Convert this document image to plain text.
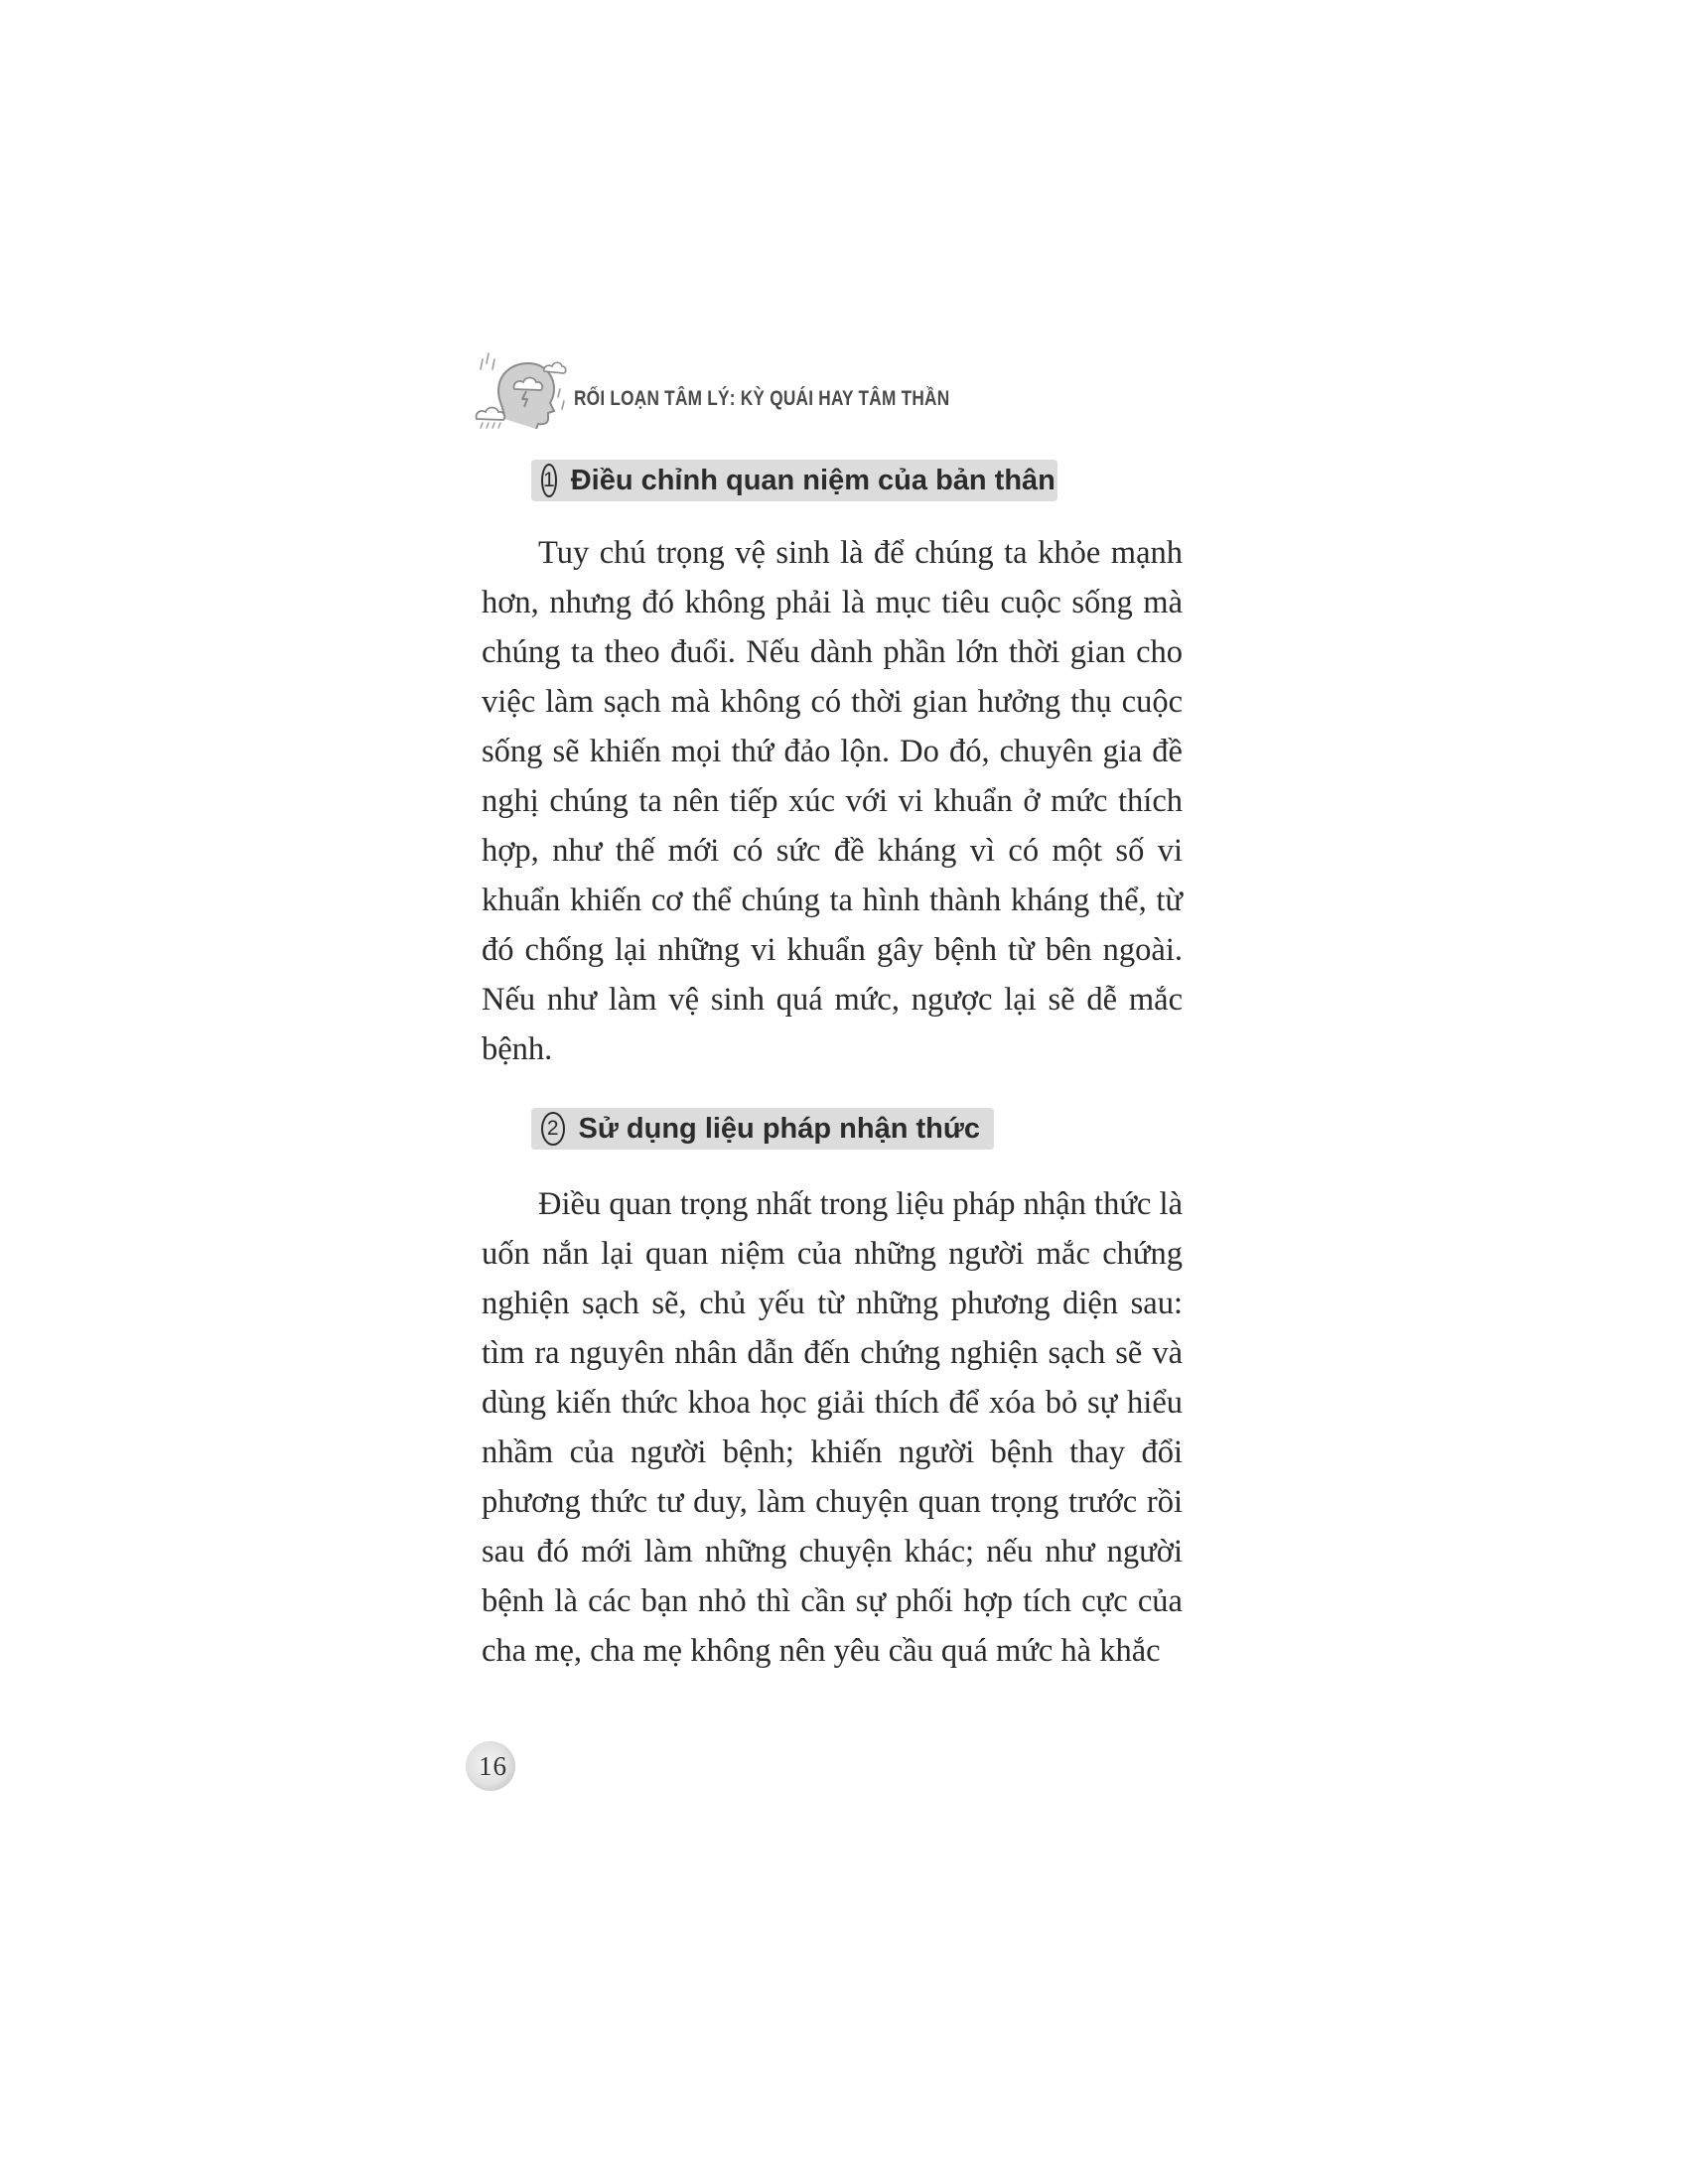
RỐI LOẠN TÂM LÝ: KỲ QUÁI HAY TÂM THẦN
1 Điều chỉnh quan niệm của bản thân

Tuy chú trọng vệ sinh là để chúng ta khỏe mạnh hơn, nhưng đó không phải là mục tiêu cuộc sống mà chúng ta theo đuổi. Nếu dành phần lớn thời gian cho việc làm sạch mà không có thời gian hưởng thụ cuộc sống sẽ khiến mọi thứ đảo lộn. Do đó, chuyên gia đề nghị chúng ta nên tiếp xúc với vi khuẩn ở mức thích hợp, như thế mới có sức đề kháng vì có một số vi khuẩn khiến cơ thể chúng ta hình thành kháng thể, từ đó chống lại những vi khuẩn gây bệnh từ bên ngoài. Nếu như làm vệ sinh quá mức, ngược lại sẽ dễ mắc bệnh.

2 Sử dụng liệu pháp nhận thức

Điều quan trọng nhất trong liệu pháp nhận thức là uốn nắn lại quan niệm của những người mắc chứng nghiện sạch sẽ, chủ yếu từ những phương diện sau: tìm ra nguyên nhân dẫn đến chứng nghiện sạch sẽ và dùng kiến thức khoa học giải thích để xóa bỏ sự hiểu nhầm của người bệnh; khiến người bệnh thay đổi phương thức tư duy, làm chuyện quan trọng trước rồi sau đó mới làm những chuyện khác; nếu như người bệnh là các bạn nhỏ thì cần sự phối hợp tích cực của cha mẹ, cha mẹ không nên yêu cầu quá mức hà khắc

16
